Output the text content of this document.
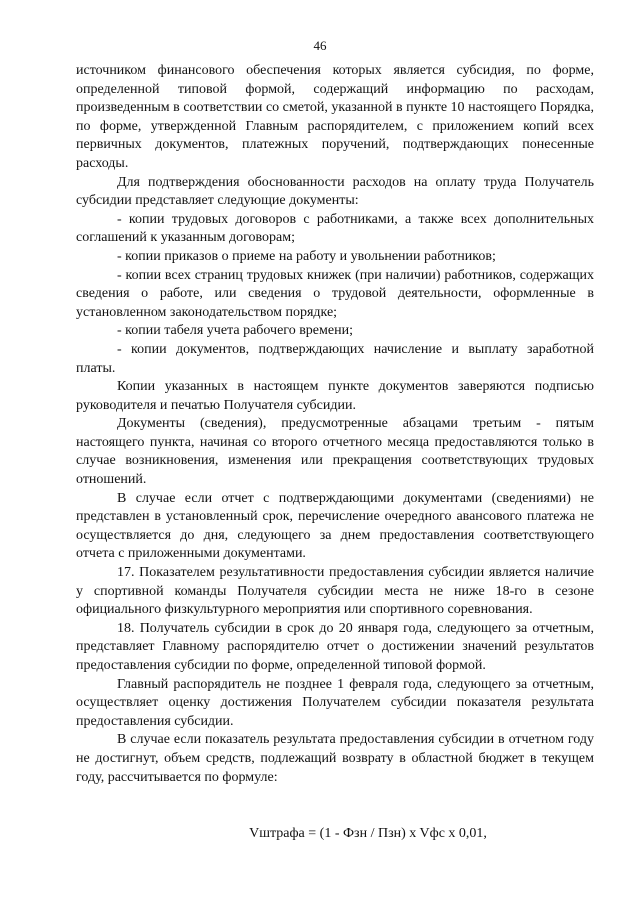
46

источником финансового обеспечения которых является субсидия, по форме, определенной типовой формой, содержащий информацию по расходам, произведенным в соответствии со сметой, указанной в пункте 10 настоящего Порядка, по форме, утвержденной Главным распорядителем, с приложением копий всех первичных документов, платежных поручений, подтверждающих понесенные расходы.

Для подтверждения обоснованности расходов на оплату труда Получатель субсидии представляет следующие документы:

- копии трудовых договоров с работниками, а также всех дополнительных соглашений к указанным договорам;

- копии приказов о приеме на работу и увольнении работников;

- копии всех страниц трудовых книжек (при наличии) работников, содержащих сведения о работе, или сведения о трудовой деятельности, оформленные в установленном законодательством порядке;

- копии табеля учета рабочего времени;

- копии документов, подтверждающих начисление и выплату заработной платы.

Копии указанных в настоящем пункте документов заверяются подписью руководителя и печатью Получателя субсидии.

Документы (сведения), предусмотренные абзацами третьим - пятым настоящего пункта, начиная со второго отчетного месяца предоставляются только в случае возникновения, изменения или прекращения соответствующих трудовых отношений.

В случае если отчет с подтверждающими документами (сведениями) не представлен в установленный срок, перечисление очередного авансового платежа не осуществляется до дня, следующего за днем предоставления соответствующего отчета с приложенными документами.

17. Показателем результативности предоставления субсидии является наличие у спортивной команды Получателя субсидии места не ниже 18-го в сезоне официального физкультурного мероприятия или спортивного соревнования.

18. Получатель субсидии в срок до 20 января года, следующего за отчетным, представляет Главному распорядителю отчет о достижении значений результатов предоставления субсидии по форме, определенной типовой формой.

Главный распорядитель не позднее 1 февраля года, следующего за отчетным, осуществляет оценку достижения Получателем субсидии показателя результата предоставления субсидии.

В случае если показатель результата предоставления субсидии в отчетном году не достигнут, объем средств, подлежащий возврату в областной бюджет в текущем году, рассчитывается по формуле:

Vштрафа = (1 - Фзн / Пзн) x Vфс x 0,01,
